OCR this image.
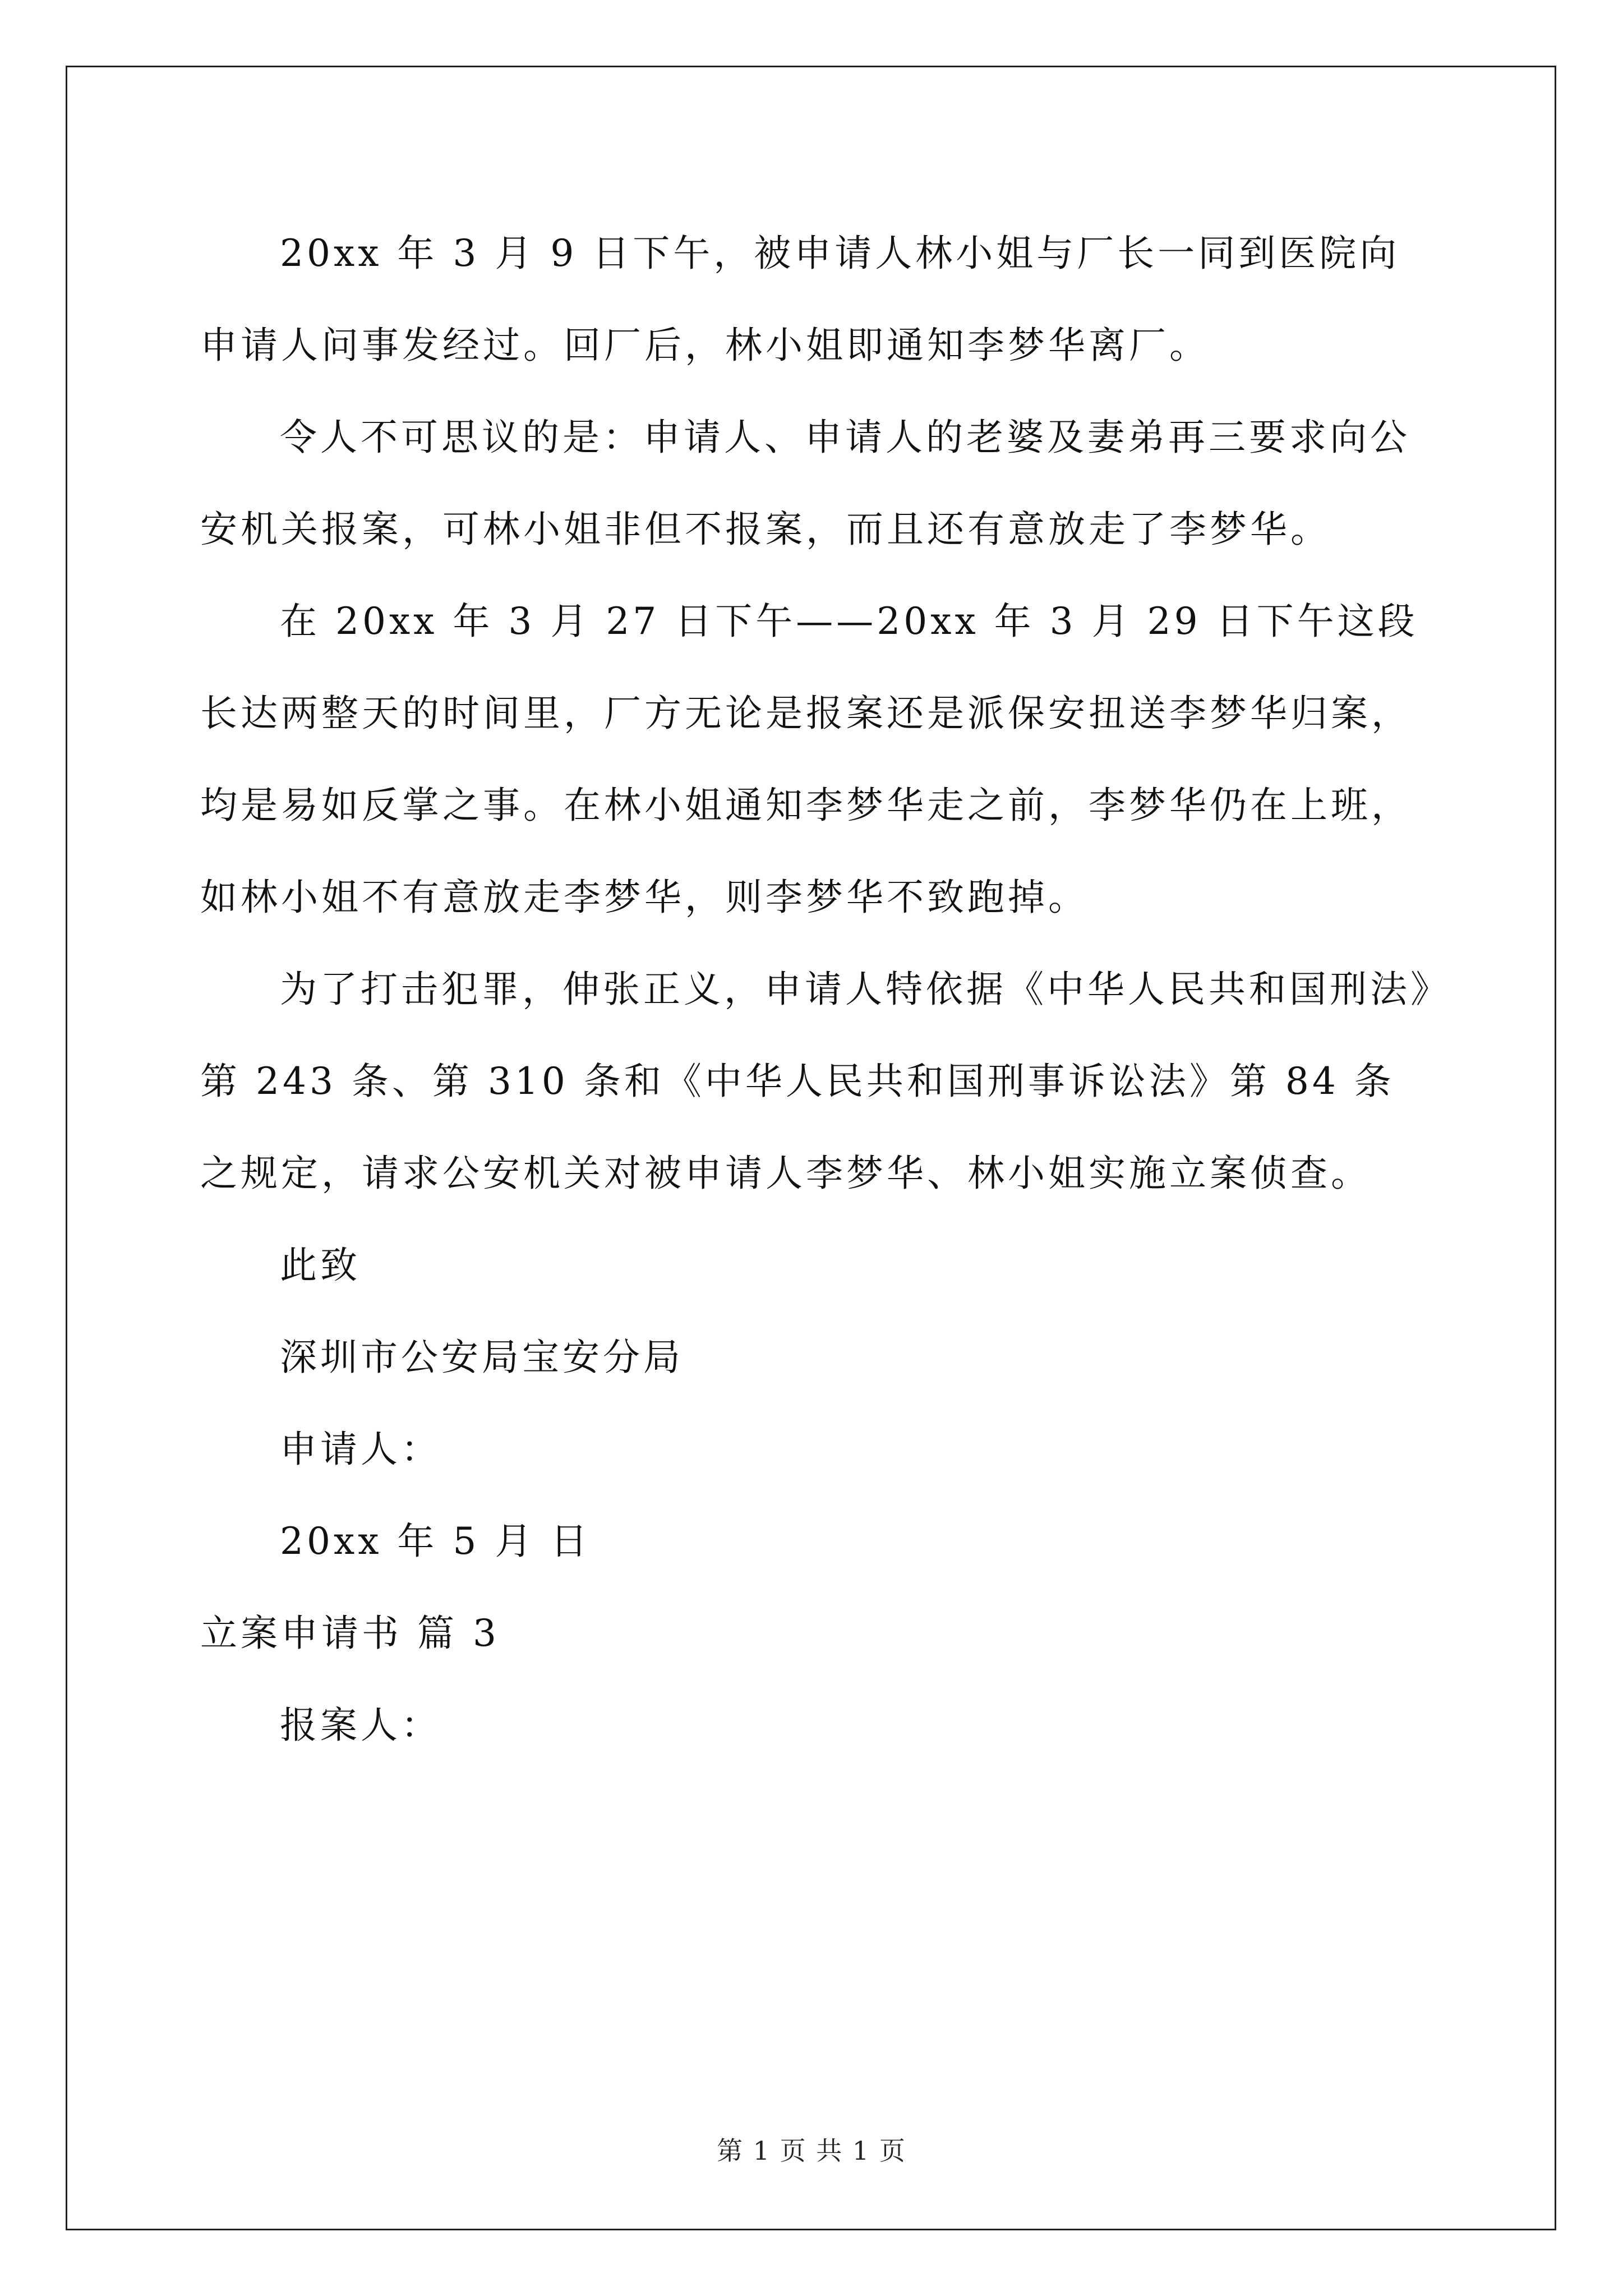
20xx 年 3 月 9 日下午，被申请人林小姐与厂长一同到医院向申请人问事发经过。回厂后，林小姐即通知李梦华离厂。

令人不可思议的是：申请人、申请人的老婆及妻弟再三要求向公安机关报案，可林小姐非但不报案，而且还有意放走了李梦华。

在 20xx 年 3 月 27 日下午——20xx 年 3 月 29 日下午这段长达两整天的时间里，厂方无论是报案还是派保安扭送李梦华归案，均是易如反掌之事。在林小姐通知李梦华走之前，李梦华仍在上班，如林小姐不有意放走李梦华，则李梦华不致跑掉。

为了打击犯罪，伸张正义，申请人特依据《中华人民共和国刑法》第 243 条、第 310 条和《中华人民共和国刑事诉讼法》第 84 条之规定，请求公安机关对被申请人李梦华、林小姐实施立案侦查。

此致

深圳市公安局宝安分局

申请人：

20xx 年 5 月 日

立案申请书 篇 3

报案人：

第 1 页 共 1 页
